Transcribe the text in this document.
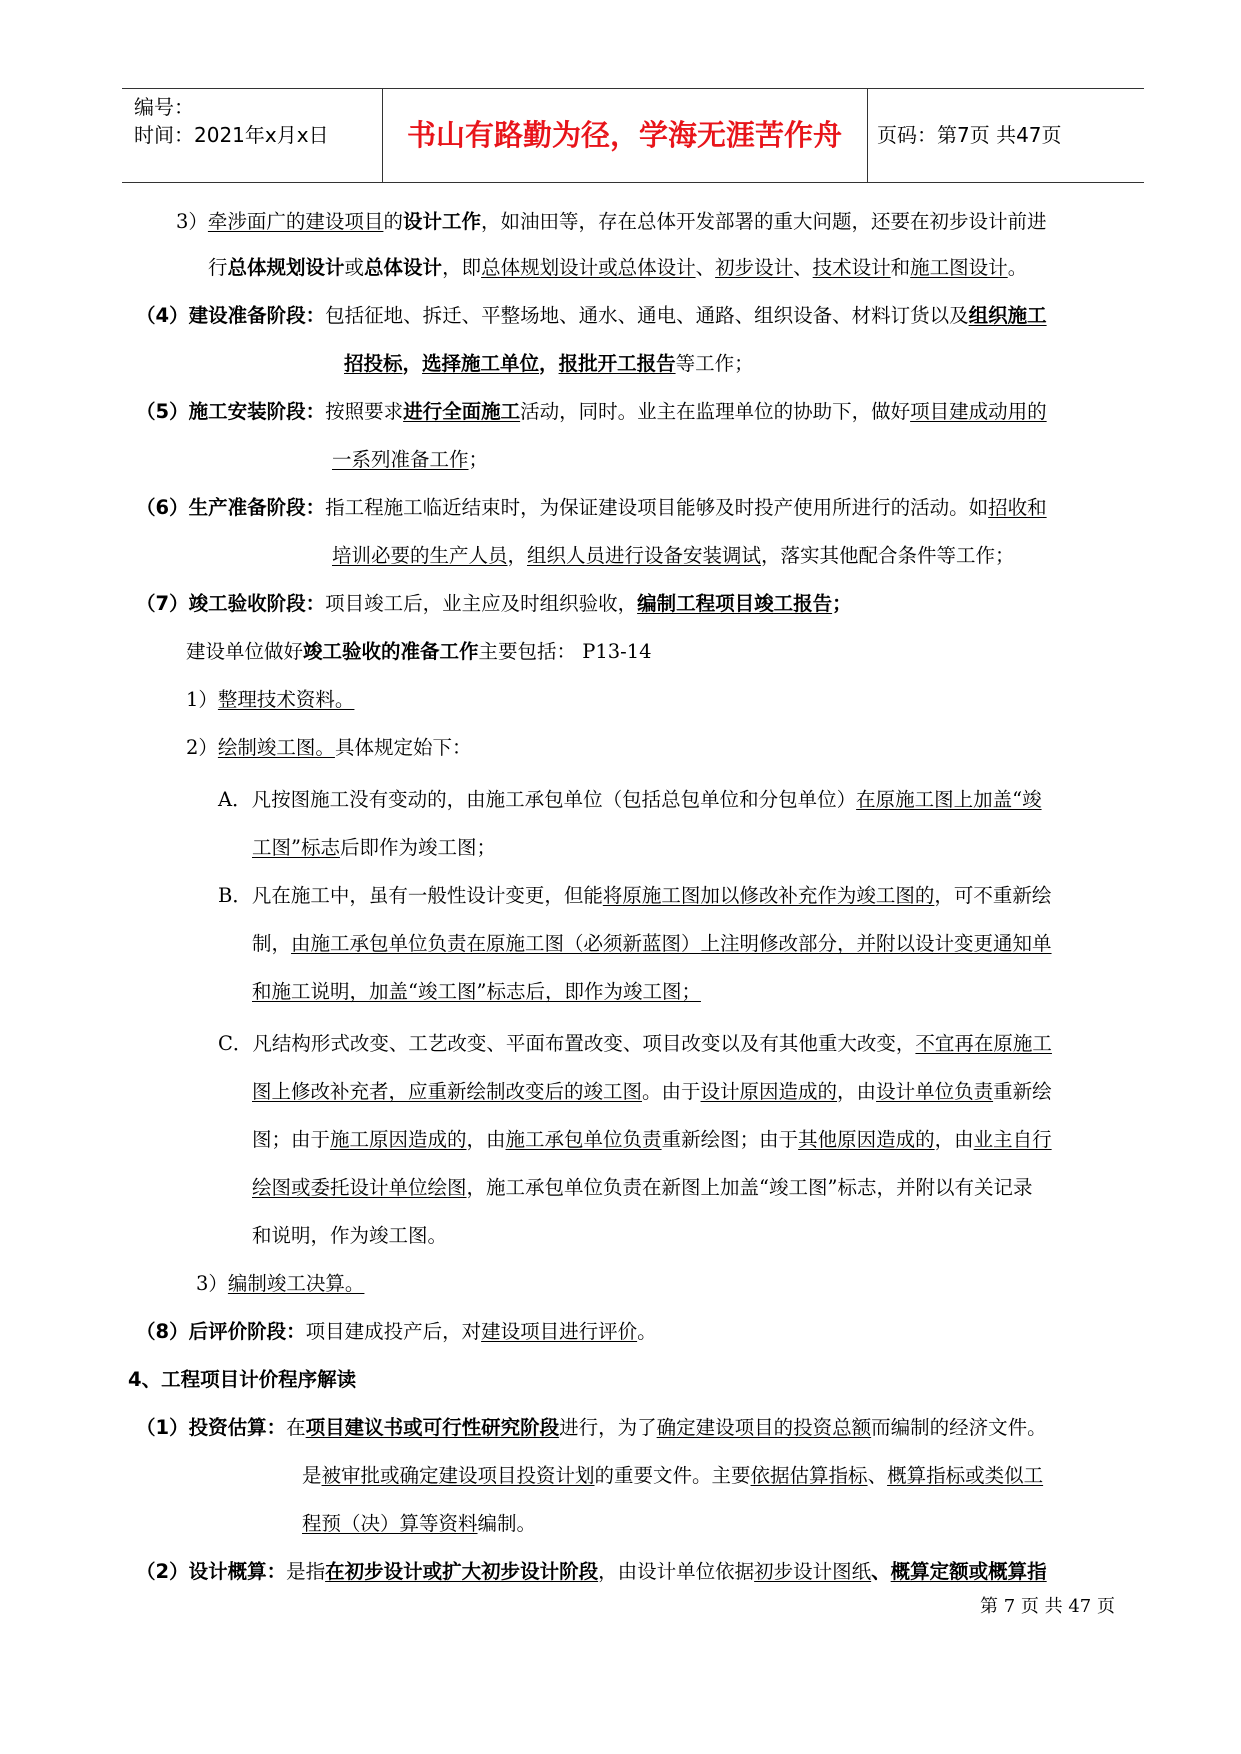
编号：
时间：2021年x月x日	书山有路勤为径，学海无涯苦作舟	页码：第7页 共47页
3）牵涉面广的建设项目的设计工作，如油田等，存在总体开发部署的重大问题，还要在初步设计前进
行总体规划设计或总体设计，即总体规划设计或总体设计、初步设计、技术设计和施工图设计。
（4）建设准备阶段：包括征地、拆迁、平整场地、通水、通电、通路、组织设备、材料订货以及组织施工
招投标，选择施工单位，报批开工报告等工作；
（5）施工安装阶段：按照要求进行全面施工活动，同时。业主在监理单位的协助下，做好项目建成动用的
一系列准备工作；
（6）生产准备阶段：指工程施工临近结束时，为保证建设项目能够及时投产使用所进行的活动。如招收和
培训必要的生产人员，组织人员进行设备安装调试，落实其他配合条件等工作；
（7）竣工验收阶段：项目竣工后，业主应及时组织验收，编制工程项目竣工报告；
建设单位做好竣工验收的准备工作主要包括： P13-14
1）整理技术资料。
2）绘制竣工图。具体规定始下：
A．凡按图施工没有变动的，由施工承包单位（包括总包单位和分包单位）在原施工图上加盖“竣
工图”标志后即作为竣工图；
B．凡在施工中，虽有一般性设计变更，但能将原施工图加以修改补充作为竣工图的，可不重新绘
制，由施工承包单位负责在原施工图（必须新蓝图）上注明修改部分，并附以设计变更通知单
和施工说明，加盖“竣工图”标志后，即作为竣工图；
C．凡结构形式改变、工艺改变、平面布置改变、项目改变以及有其他重大改变，不宜再在原施工
图上修改补充者，应重新绘制改变后的竣工图。由于设计原因造成的，由设计单位负责重新绘
图；由于施工原因造成的，由施工承包单位负责重新绘图；由于其他原因造成的，由业主自行
绘图或委托设计单位绘图，施工承包单位负责在新图上加盖“竣工图”标志，并附以有关记录
和说明，作为竣工图。
3）编制竣工决算。
（8）后评价阶段：项目建成投产后，对建设项目进行评价。
4、工程项目计价程序解读
（1）投资估算：在项目建议书或可行性研究阶段进行，为了确定建设项目的投资总额而编制的经济文件。
是被审批或确定建设项目投资计划的重要文件。主要依据估算指标、概算指标或类似工
程预（决）算等资料编制。
（2）设计概算：是指在初步设计或扩大初步设计阶段，由设计单位依据初步设计图纸、概算定额或概算指
第 7 页 共 47 页
